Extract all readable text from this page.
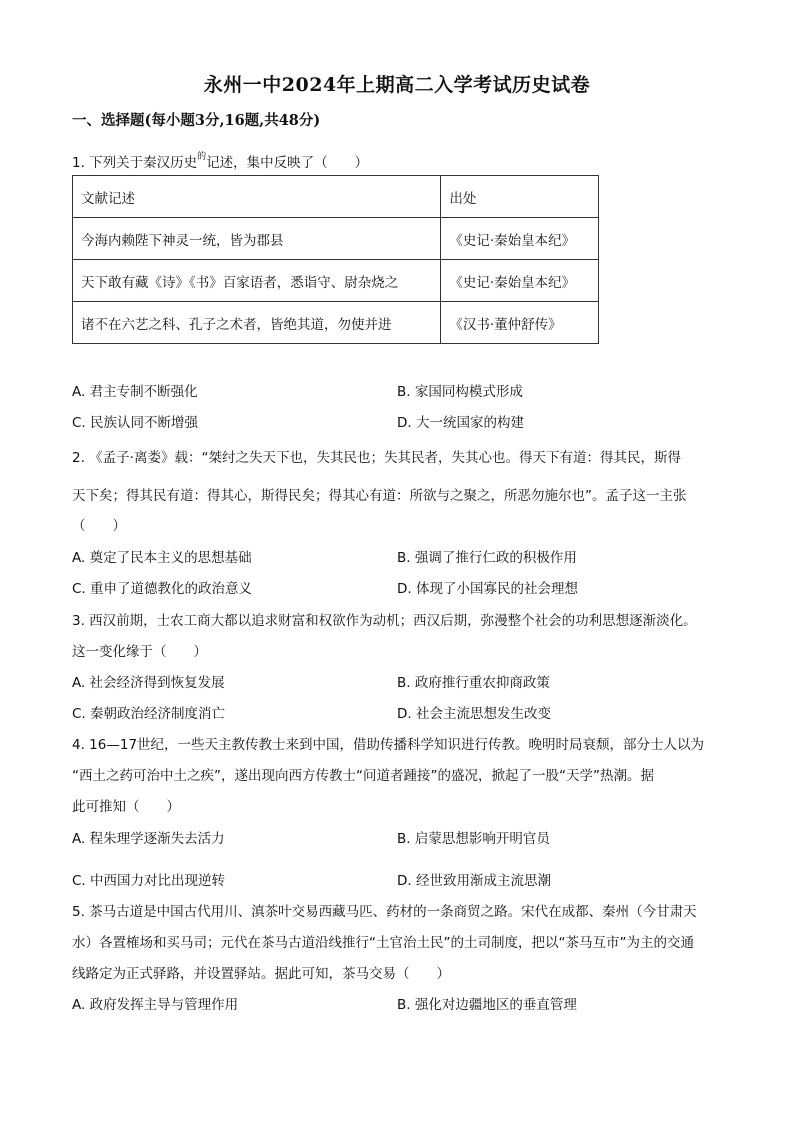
永州一中2024年上期高二入学考试历史试卷
一、选择题(每小题3分,16题,共48分)
1. 下列关于秦汉历史$^的$记述，集中反映了（　　）
文献记述	出处
今海内赖陛下神灵一统，皆为郡县	《史记·秦始皇本纪》
天下敢有藏《诗》《书》百家语者，悉诣守、尉杂烧之	《史记·秦始皇本纪》
诸不在六艺之科、孔子之术者，皆绝其道，勿使并进	《汉书·董仲舒传》
A. 君主专制不断强化	B. 家国同构模式形成
C. 民族认同不断增强	D. 大一统国家的构建
2. 《孟子·离娄》载：“桀纣之失天下也，失其民也；失其民者，失其心也。得天下有道：得其民，斯得
天下矣；得其民有道：得其心，斯得民矣；得其心有道：所欲与之聚之，所恶勿施尔也”。孟子这一主张
（　　）
A. 奠定了民本主义的思想基础	B. 强调了推行仁政的积极作用
C. 重申了道德教化的政治意义	D. 体现了小国寡民的社会理想
3. 西汉前期，士农工商大都以追求财富和权欲作为动机；西汉后期，弥漫整个社会的功利思想逐渐淡化。
这一变化缘于（　　）
A. 社会经济得到恢复发展	B. 政府推行重农抑商政策
C. 秦朝政治经济制度消亡	D. 社会主流思想发生改变
4. 16—17世纪，一些天主教传教士来到中国，借助传播科学知识进行传教。晚明时局衰颓，部分士人以为
“西土之药可治中土之疾”，遂出现向西方传教士“问道者踵接”的盛况，掀起了一股“天学”热潮。据
此可推知（　　）
A. 程朱理学逐渐失去活力	B. 启蒙思想影响开明官员
C. 中西国力对比出现逆转	D. 经世致用渐成主流思潮
5. 茶马古道是中国古代用川、滇茶叶交易西藏马匹、药材的一条商贸之路。宋代在成都、秦州（今甘肃天
水）各置榷场和买马司；元代在茶马古道沿线推行“土官治土民”的土司制度，把以“茶马互市”为主的交通
线路定为正式驿路，并设置驿站。据此可知，茶马交易（　　）
A. 政府发挥主导与管理作用	B. 强化对边疆地区的垂直管理
